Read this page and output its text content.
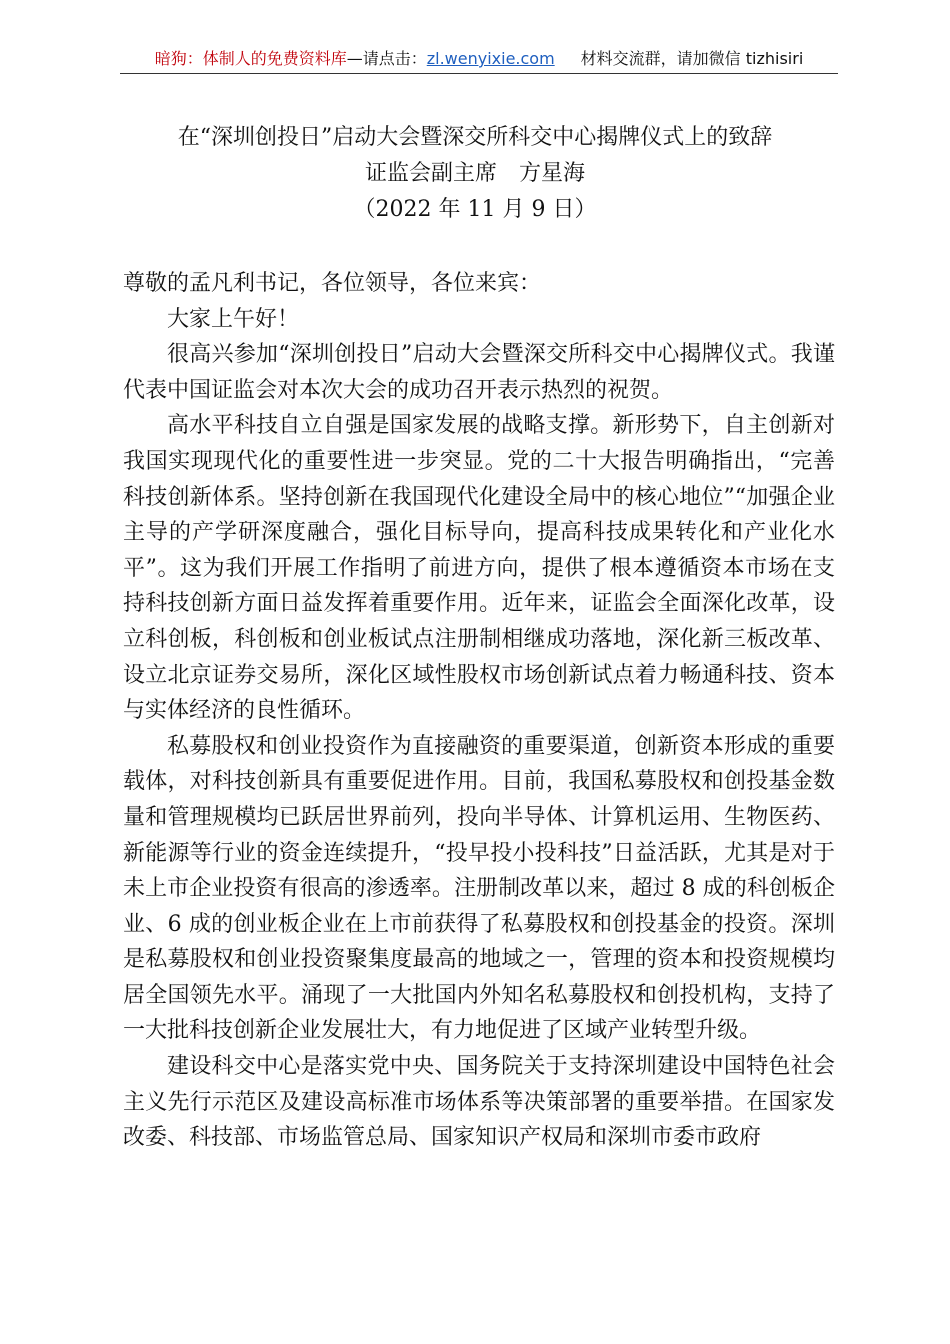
暗狗：体制人的免费资料库—请点击：zl.wenyixie.com 材料交流群，请加微信 tizhisiri
在“深圳创投日”启动大会暨深交所科交中心揭牌仪式上的致辞
证监会副主席　方星海
（2022 年 11 月 9 日）

尊敬的孟凡利书记，各位领导，各位来宾：

大家上午好！

很高兴参加“深圳创投日”启动大会暨深交所科交中心揭牌仪式。我谨代表中国证监会对本次大会的成功召开表示热烈的祝贺。

高水平科技自立自强是国家发展的战略支撑。新形势下，自主创新对我国实现现代化的重要性进一步突显。党的二十大报告明确指出，“完善科技创新体系。坚持创新在我国现代化建设全局中的核心地位”“加强企业主导的产学研深度融合，强化目标导向，提高科技成果转化和产业化水平”。这为我们开展工作指明了前进方向，提供了根本遵循资本市场在支持科技创新方面日益发挥着重要作用。近年来，证监会全面深化改革，设立科创板，科创板和创业板试点注册制相继成功落地，深化新三板改革、设立北京证券交易所，深化区域性股权市场创新试点着力畅通科技、资本与实体经济的良性循环。

私募股权和创业投资作为直接融资的重要渠道，创新资本形成的重要载体，对科技创新具有重要促进作用。目前，我国私募股权和创投基金数量和管理规模均已跃居世界前列，投向半导体、计算机运用、生物医药、新能源等行业的资金连续提升，“投早投小投科技”日益活跃，尤其是对于未上市企业投资有很高的渗透率。注册制改革以来，超过 8 成的科创板企业、6 成的创业板企业在上市前获得了私募股权和创投基金的投资。深圳是私募股权和创业投资聚集度最高的地域之一，管理的资本和投资规模均居全国领先水平。涌现了一大批国内外知名私募股权和创投机构，支持了一大批科技创新企业发展壮大，有力地促进了区域产业转型升级。

建设科交中心是落实党中央、国务院关于支持深圳建设中国特色社会主义先行示范区及建设高标准市场体系等决策部署的重要举措。在国家发改委、科技部、市场监管总局、国家知识产权局和深圳市委市政府
